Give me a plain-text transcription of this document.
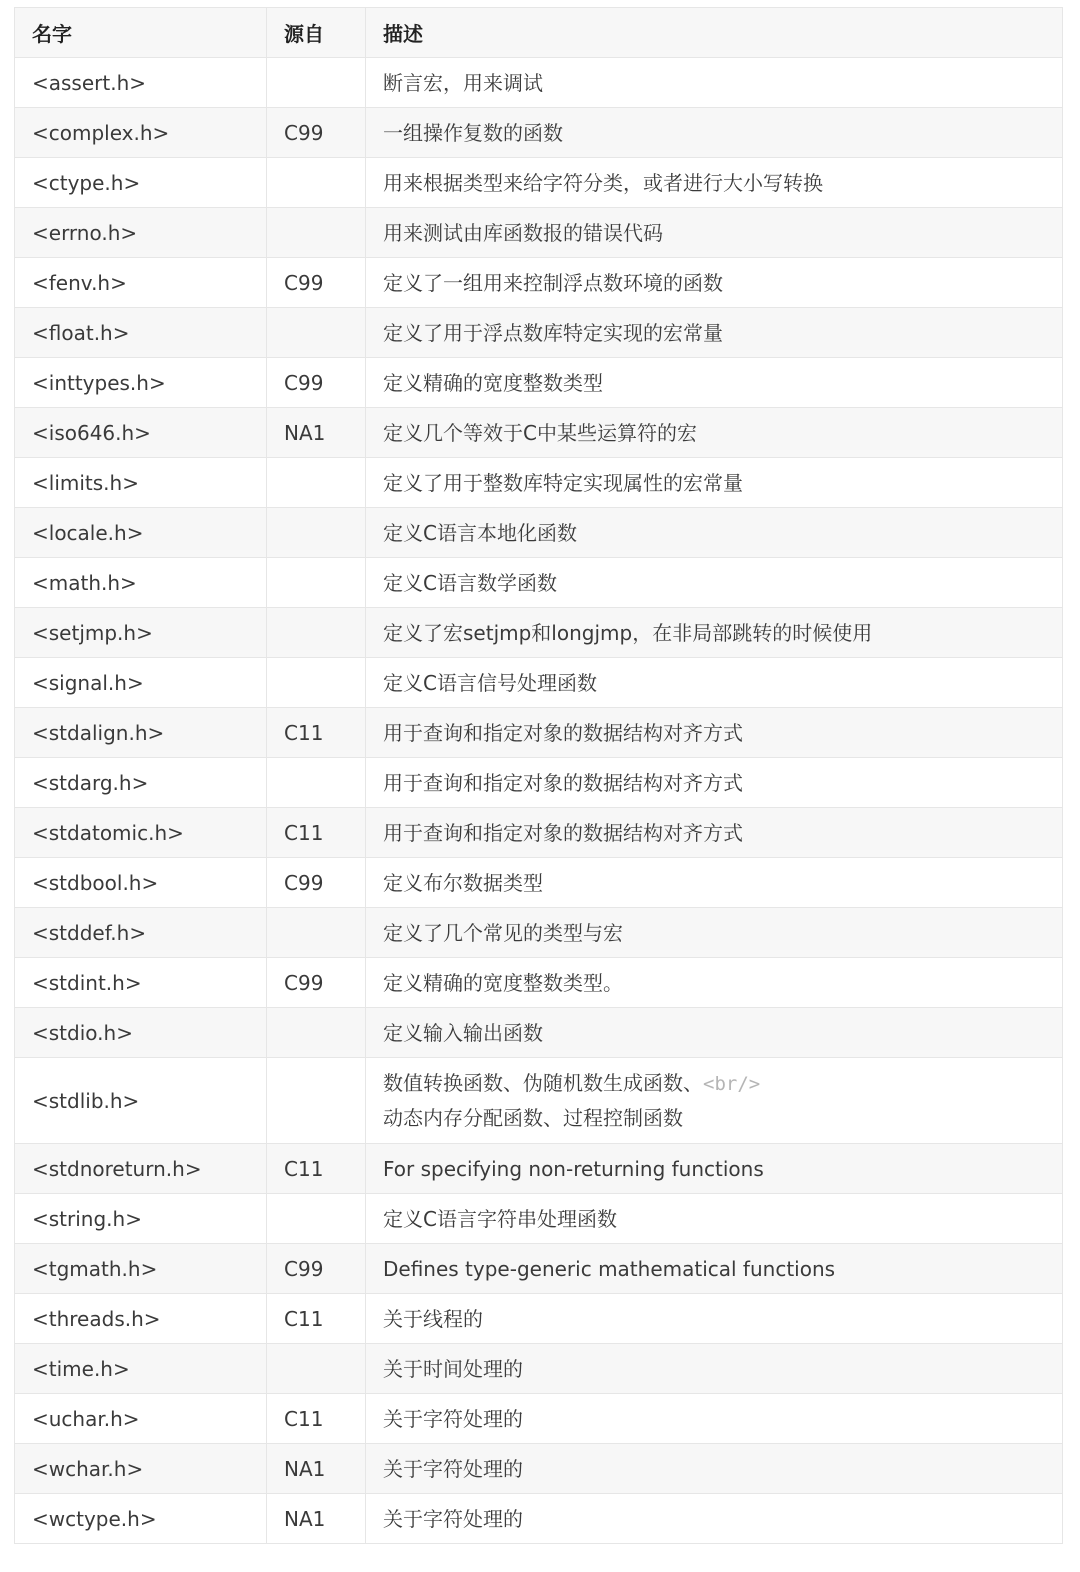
名字	源自	描述
<assert.h>		断言宏，用来调试
<complex.h>	C99	一组操作复数的函数
<ctype.h>		用来根据类型来给字符分类，或者进行大小写转换
<errno.h>		用来测试由库函数报的错误代码
<fenv.h>	C99	定义了一组用来控制浮点数环境的函数
<float.h>		定义了用于浮点数库特定实现的宏常量
<inttypes.h>	C99	定义精确的宽度整数类型
<iso646.h>	NA1	定义几个等效于C中某些运算符的宏
<limits.h>		定义了用于整数库特定实现属性的宏常量
<locale.h>		定义C语言本地化函数
<math.h>		定义C语言数学函数
<setjmp.h>		定义了宏setjmp和longjmp，在非局部跳转的时候使用
<signal.h>		定义C语言信号处理函数
<stdalign.h>	C11	用于查询和指定对象的数据结构对齐方式
<stdarg.h>		用于查询和指定对象的数据结构对齐方式
<stdatomic.h>	C11	用于查询和指定对象的数据结构对齐方式
<stdbool.h>	C99	定义布尔数据类型
<stddef.h>		定义了几个常见的类型与宏
<stdint.h>	C99	定义精确的宽度整数类型。
<stdio.h>		定义输入输出函数
<stdlib.h>		数值转换函数、伪随机数生成函数、<br/>
动态内存分配函数、过程控制函数

<stdnoreturn.h>	C11	For specifying non-returning functions
<string.h>		定义C语言字符串处理函数
<tgmath.h>	C99	Defines type-generic mathematical functions
<threads.h>	C11	关于线程的
<time.h>		关于时间处理的
<uchar.h>	C11	关于字符处理的
<wchar.h>	NA1	关于字符处理的
<wctype.h>	NA1	关于字符处理的
